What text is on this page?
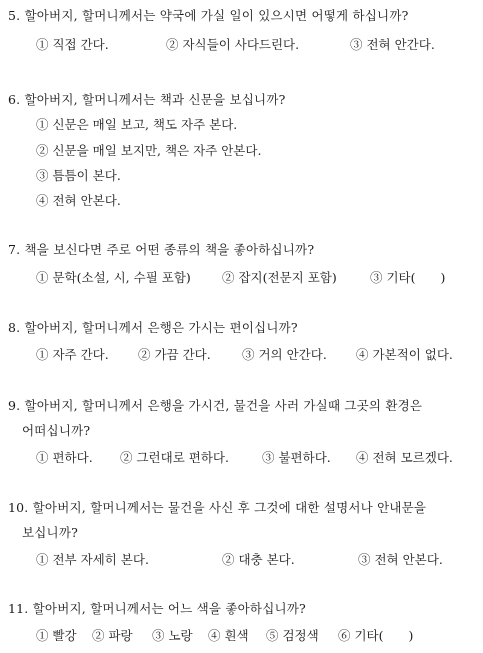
5. 할아버지, 할머니께서는 약국에 가실 일이 있으시면 어떻게 하십니까?
① 직접 간다.	② 자식들이 사다드린다.	③ 전혀 안간다.
6. 할아버지, 할머니께서는 책과 신문을 보십니까?
① 신문은 매일 보고, 책도 자주 본다.
② 신문을 매일 보지만, 책은 자주 안본다.
③ 틈틈이 본다.
④ 전혀 안본다.
7. 책을 보신다면 주로 어떤 종류의 책을 좋아하십니까?
① 문학(소설, 시, 수필 포함) ② 잡지(전문지 포함)	③ 기타(　　)
8. 할아버지, 할머니께서 은행은 가시는 편이십니까?
① 자주 간다. ② 가끔 간다.	③ 거의 안간다. ④ 가본적이 없다.
9. 할아버지, 할머니께서 은행을 가시건, 물건을 사러 가실때 그곳의 환경은
어떠십니까?
① 편하다. ② 그런대로 편하다.	③ 불편하다. ④ 전혀 모르겠다.
10. 할아버지, 할머니께서는 물건을 사신 후 그것에 대한 설명서나 안내문을
보십니까?
① 전부 자세히 본다.	② 대충 본다.	③ 전혀 안본다.
11. 할아버지, 할머니께서는 어느 색을 좋아하십니까?
① 빨강 ② 파랑 ③ 노랑 ④ 흰색 ⑤ 검정색 ⑥ 기타(　　)
